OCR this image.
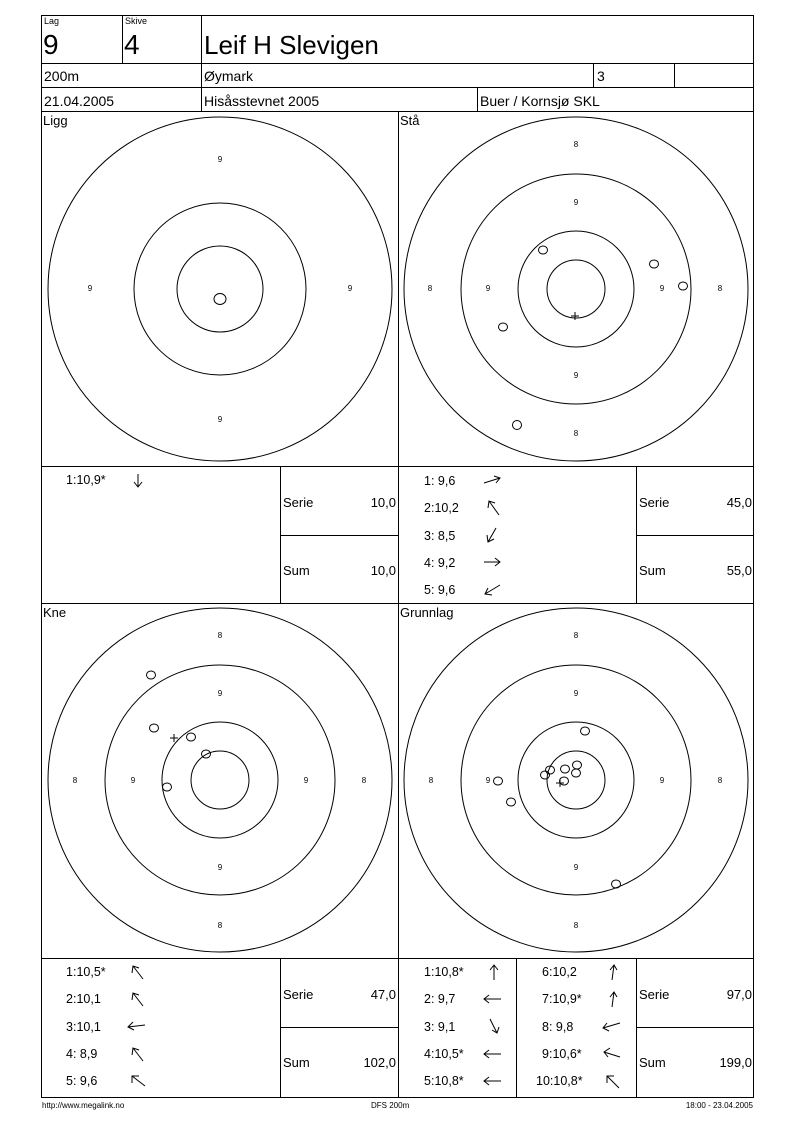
Lag
9
Skive
4 Leif H Slevigen
200m	Øymark	3
21.04.2005	Hisåsstevnet 2005	Buer / Kornsjø SKL
Ligg	Stå
Kne	Grunnlag
9
9	9
9
8
8	8
8
9
9	9
9
8
8	8
8
9
9	9
9
8
8	8
8
9
9	9
9
1:10,9*	1: 9,6
2:10,2
3: 8,5
4: 9,2
5: 9,6
1:10,5*
2:10,1
3:10,1
4: 8,9
5: 9,6
1:10,8*
2: 9,7
3: 9,1
4:10,5*
5:10,8*
6:10,2
7:10,9*
8: 9,8
9:10,6*
10:10,8*
Serie	10,0
Sum	10,0
Serie	45,0
Sum	55,0
Serie	47,0
Sum	102,0
Serie	97,0
Sum	199,0
http://www.megalink.no	DFS 200m	18:00 - 23.04.2005
